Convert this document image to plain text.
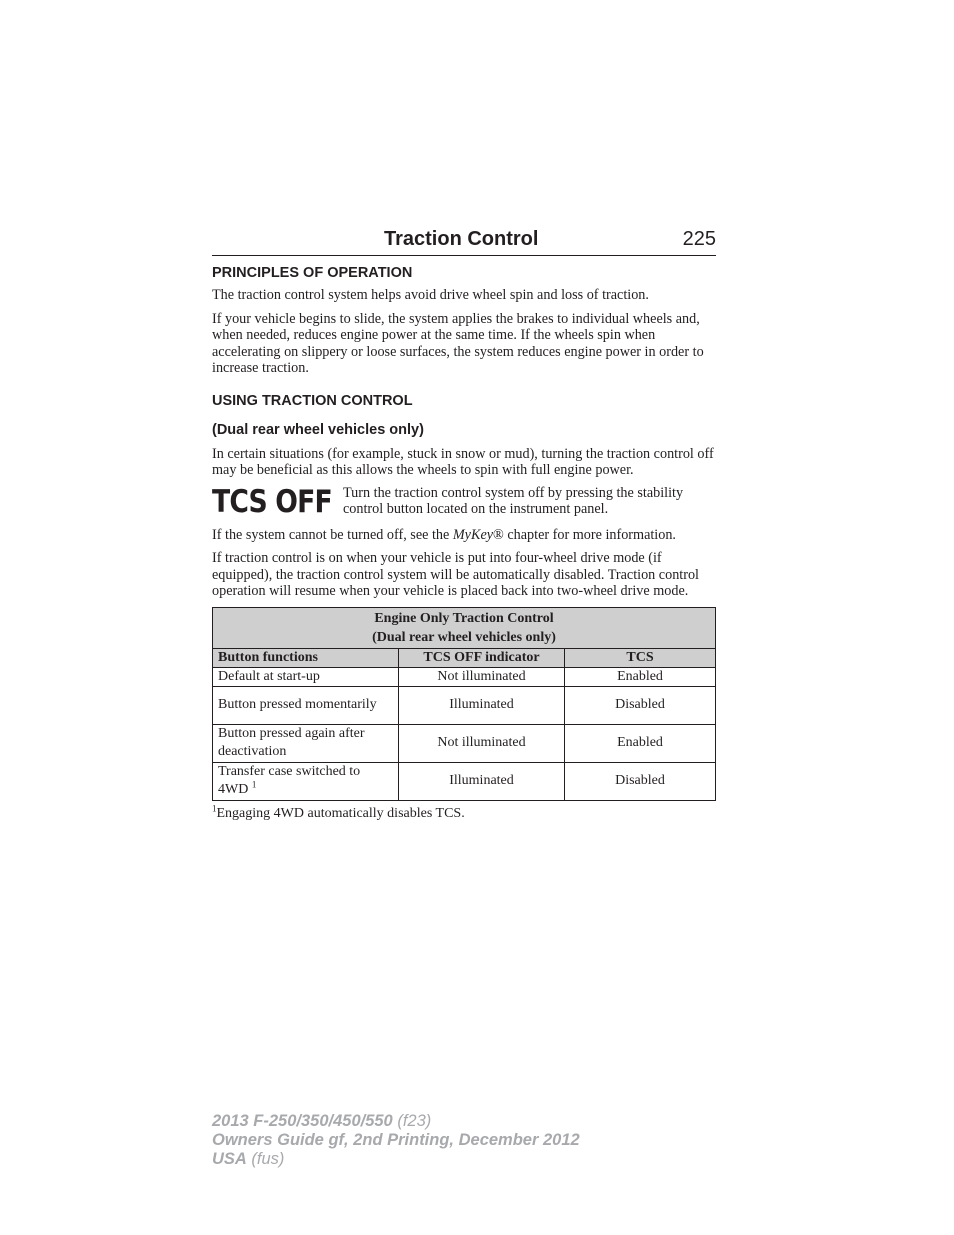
Traction Control	225
PRINCIPLES OF OPERATION

The traction control system helps avoid drive wheel spin and loss of traction.

If your vehicle begins to slide, the system applies the brakes to individual wheels and, when needed, reduces engine power at the same time. If the wheels spin when accelerating on slippery or loose surfaces, the system reduces engine power in order to increase traction.

USING TRACTION CONTROL
(Dual rear wheel vehicles only)

In certain situations (for example, stuck in snow or mud), turning the traction control off may be beneficial as this allows the wheels to spin with full engine power.

TCS OFF Turn the traction control system off by pressing the stability control button located on the instrument panel.

If the system cannot be turned off, see the MyKey® chapter for more information.

If traction control is on when your vehicle is put into four-wheel drive mode (if equipped), the traction control system will be automatically disabled. Traction control operation will resume when your vehicle is placed back into two-wheel drive mode.

Engine Only Traction Control
(Dual rear wheel vehicles only)		

Button functions	TCS OFF indicator	TCS
Default at start-up	Not illuminated	Enabled
Button pressed momentarily	Illuminated	Disabled
Button pressed again after deactivation	Not illuminated	Enabled
Transfer case switched to 4WD $^1$	Illuminated	Disabled

$^1$Engaging 4WD automatically disables TCS.

2013 F-250/350/450/550 (f23)
Owners Guide gf, 2nd Printing, December 2012
USA (fus)
